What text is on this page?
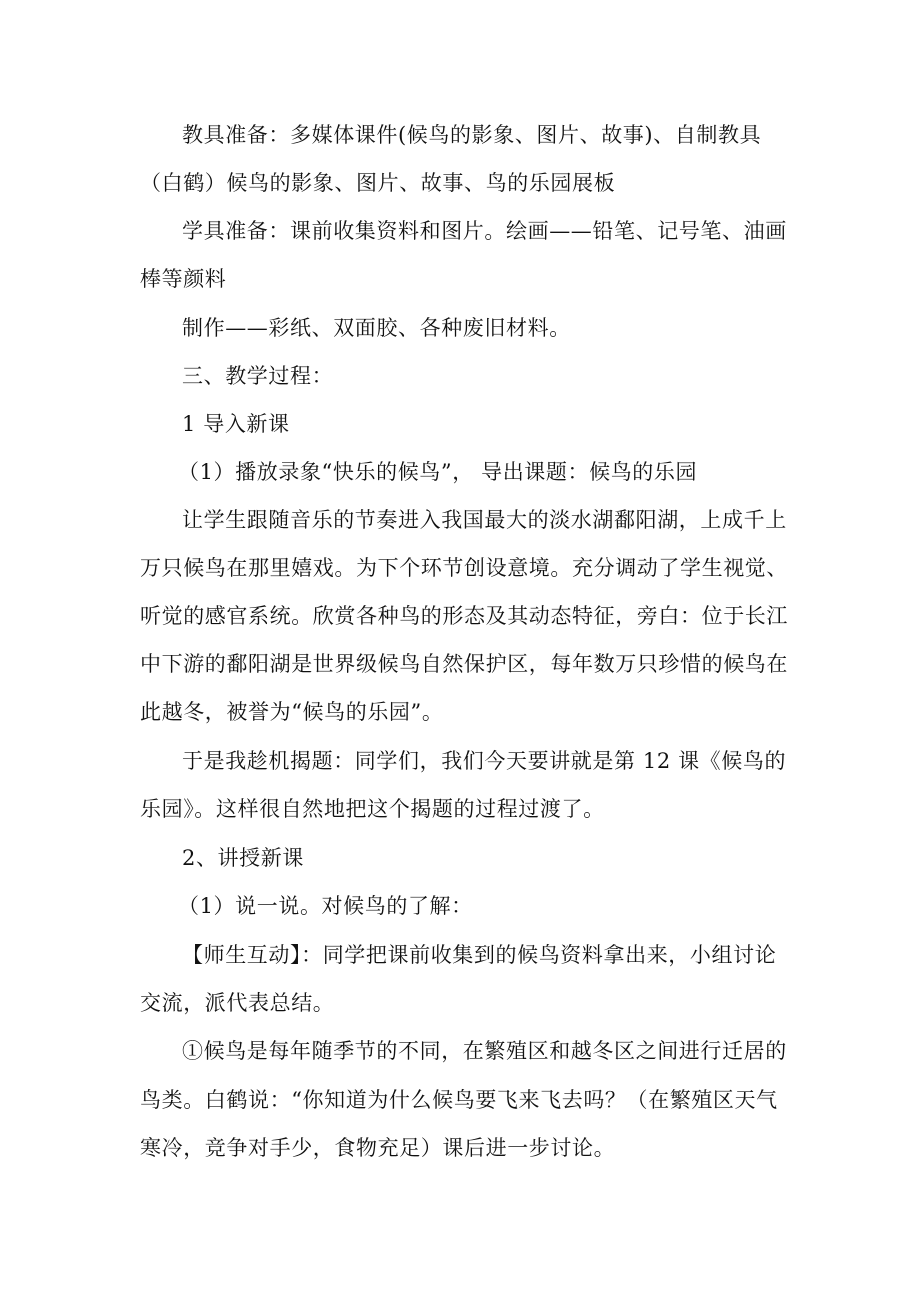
教具准备：多媒体课件(候鸟的影象、图片、故事)、自制教具
（白鹤）候鸟的影象、图片、故事、鸟的乐园展板
学具准备：课前收集资料和图片。绘画——铅笔、记号笔、油画
棒等颜料
制作——彩纸、双面胶、各种废旧材料。
三、教学过程：
1 导入新课
（1）播放录象“快乐的候鸟”， 导出课题：候鸟的乐园
让学生跟随音乐的节奏进入我国最大的淡水湖鄱阳湖，上成千上
万只候鸟在那里嬉戏。为下个环节创设意境。充分调动了学生视觉、
听觉的感官系统。欣赏各种鸟的形态及其动态特征，旁白：位于长江
中下游的鄱阳湖是世界级候鸟自然保护区，每年数万只珍惜的候鸟在
此越冬，被誉为“候鸟的乐园”。
于是我趁机揭题：同学们，我们今天要讲就是第 12 课《候鸟的
乐园》。这样很自然地把这个揭题的过程过渡了。
2、讲授新课
（1）说一说。对候鸟的了解：
【师生互动】：同学把课前收集到的候鸟资料拿出来，小组讨论
交流，派代表总结。
①候鸟是每年随季节的不同，在繁殖区和越冬区之间进行迁居的
鸟类。白鹤说：“你知道为什么候鸟要飞来飞去吗？（在繁殖区天气
寒冷，竞争对手少，食物充足）课后进一步讨论。
